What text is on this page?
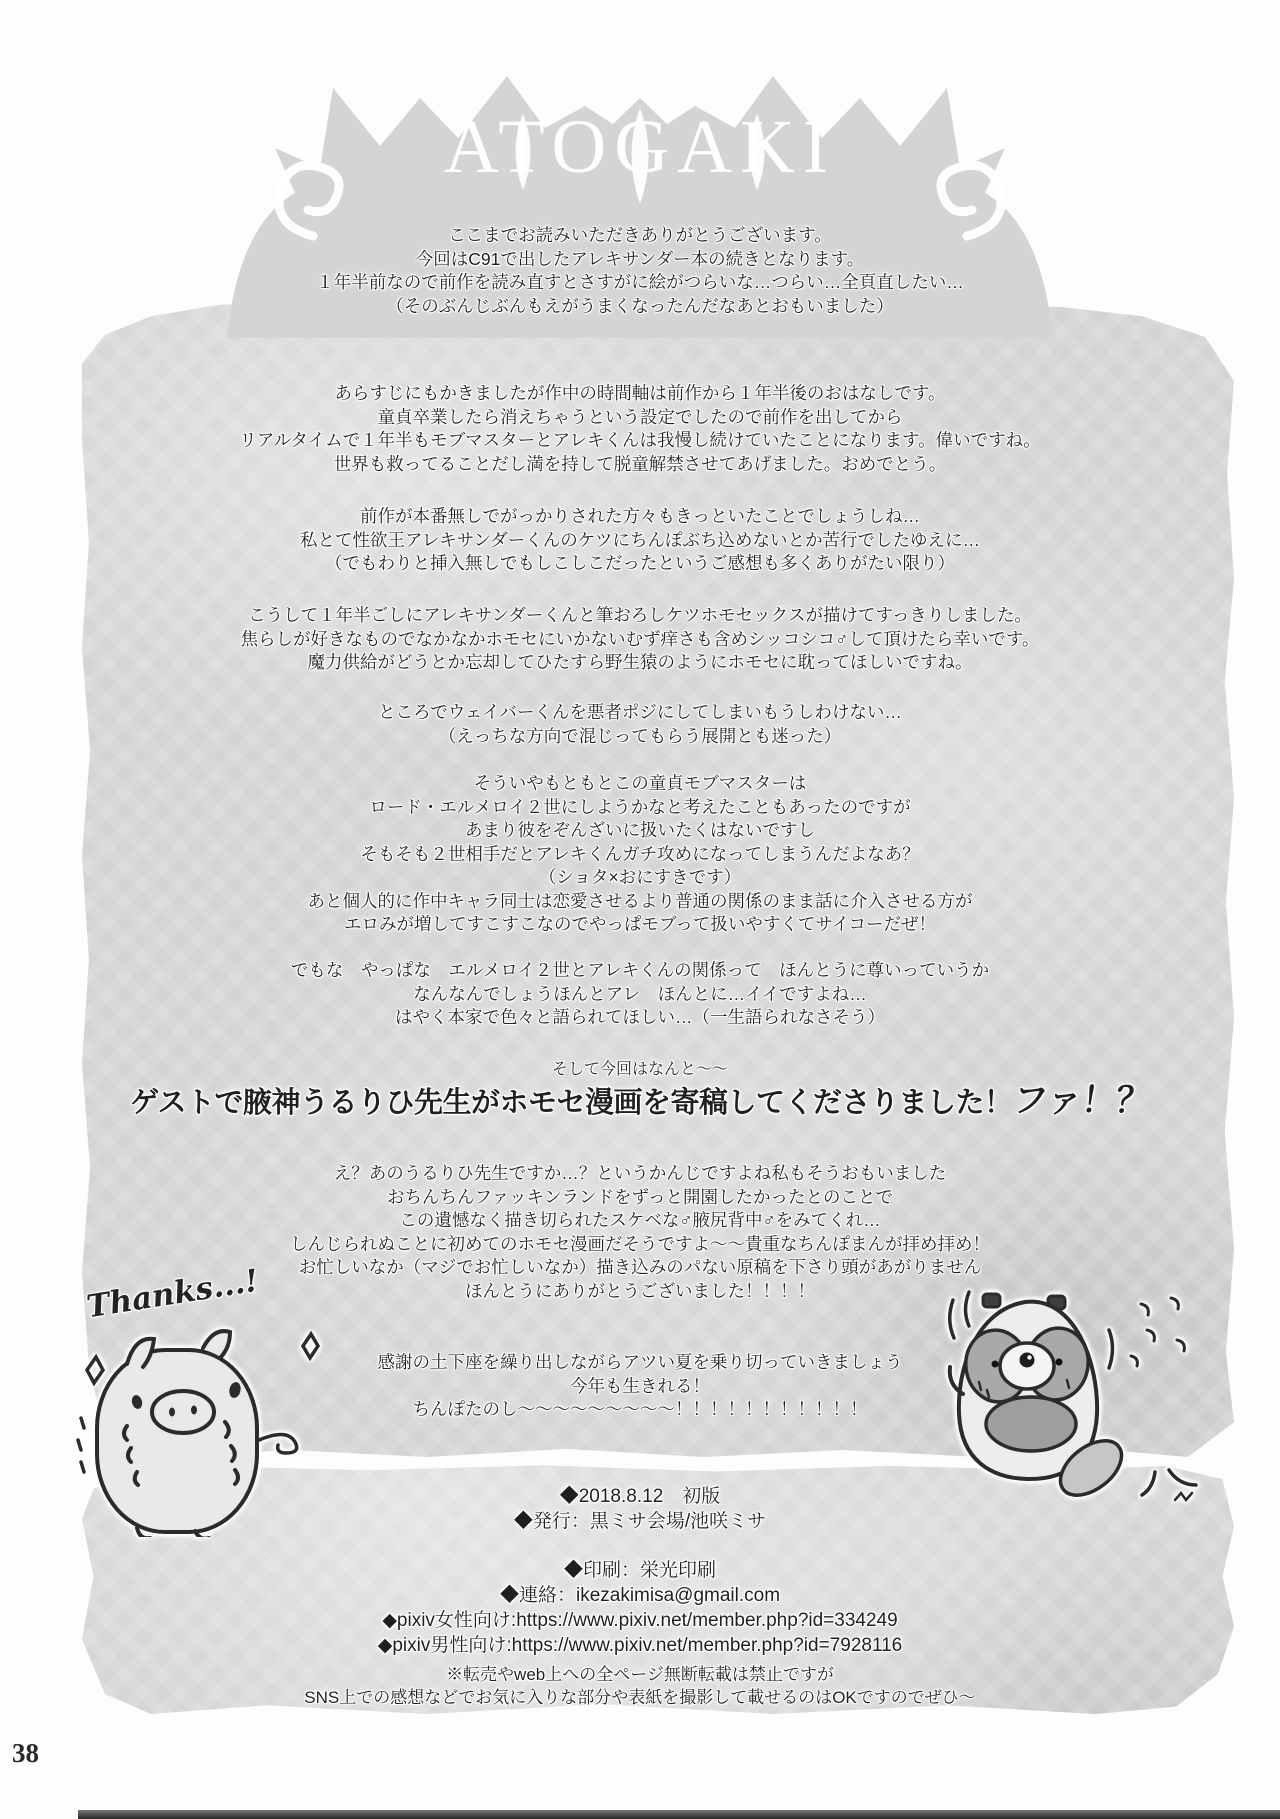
ATOGAKI
ここまでお読みいただきありがとうございます。
今回はC91で出したアレキサンダー本の続きとなります。
１年半前なので前作を読み直すとさすがに絵がつらいな…つらい…全頁直したい…
（そのぶんじぶんもえがうまくなったんだなあとおもいました）
あらすじにもかきましたが作中の時間軸は前作から１年半後のおはなしです。
童貞卒業したら消えちゃうという設定でしたので前作を出してから
リアルタイムで１年半もモブマスターとアレキくんは我慢し続けていたことになります。偉いですね。
世界も救ってることだし満を持して脱童解禁させてあげました。おめでとう。
前作が本番無しでがっかりされた方々もきっといたことでしょうしね…
私とて性欲王アレキサンダーくんのケツにちんぽぶち込めないとか苦行でしたゆえに…
（でもわりと挿入無しでもしこしこだったというご感想も多くありがたい限り）
こうして１年半ごしにアレキサンダーくんと筆おろしケツホモセックスが描けてすっきりしました。
焦らしが好きなものでなかなかホモセにいかないむず痒さも含めシッコシコ♂して頂けたら幸いです。
魔力供給がどうとか忘却してひたすら野生猿のようにホモセに耽ってほしいですね。
ところでウェイバーくんを悪者ポジにしてしまいもうしわけない…
（えっちな方向で混じってもらう展開とも迷った）
そういやもともとこの童貞モブマスターは
ロード・エルメロイ２世にしようかなと考えたこともあったのですが
あまり彼をぞんざいに扱いたくはないですし
そもそも２世相手だとアレキくんガチ攻めになってしまうんだよなあ？
（ショタ×おにすきです）
あと個人的に作中キャラ同士は恋愛させるより普通の関係のまま話に介入させる方が
エロみが増してすこすこなのでやっぱモブって扱いやすくてサイコーだぜ！
でもな　やっぱな　エルメロイ２世とアレキくんの関係って　ほんとうに尊いっていうか
なんなんでしょうほんとアレ　ほんとに…イイですよね…
はやく本家で色々と語られてほしい…（一生語られなさそう）
そして今回はなんと～～
ゲストで腋神うるりひ先生がホモセ漫画を寄稿してくださりました！ファ！？
え？あのうるりひ先生ですか…？というかんじですよね私もそうおもいました
おちんちんファッキンランドをずっと開園したかったとのことで
この遺憾なく描き切られたスケベな♂腋尻背中♂をみてくれ…
しんじられぬことに初めてのホモセ漫画だそうですよ～～貴重なちんぽまんが拝め拝め！
お忙しいなか（マジでお忙しいなか）描き込みのパない原稿を下さり頭があがりません
ほんとうにありがとうございました！！！！
感謝の土下座を繰り出しながらアツい夏を乗り切っていきましょう
今年も生きれる！
ちんぽたのし～～～～～～～～～！！！！！！！！！！！
Thanks...!
◆2018.8.12　初版
◆発行：黒ミサ会場/池咲ミサ
◆印刷：栄光印刷
◆連絡：ikezakimisa@gmail.com
◆pixiv女性向け:https://www.pixiv.net/member.php?id=334249
◆pixiv男性向け:https://www.pixiv.net/member.php?id=7928116
※転売やweb上への全ページ無断転載は禁止ですが
SNS上での感想などでお気に入りな部分や表紙を撮影して載せるのはOKですのでぜひ～
38
